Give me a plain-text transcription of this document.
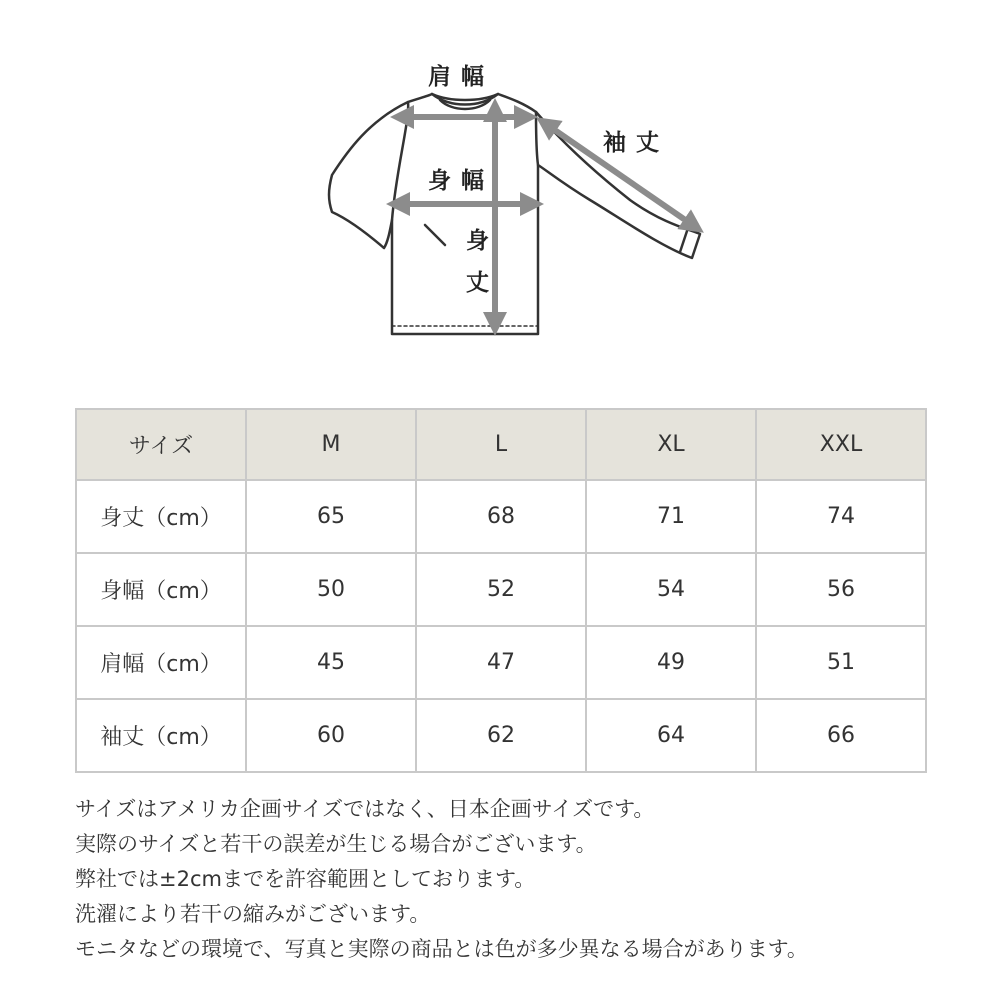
肩幅
袖丈
身幅
身
丈
サイズ	M	L	XL	XXL
身丈（cm）	65	68	71	74
身幅（cm）	50	52	54	56
肩幅（cm）	45	47	49	51
袖丈（cm）	60	62	64	66
サイズはアメリカ企画サイズではなく、日本企画サイズです。
実際のサイズと若干の誤差が生じる場合がございます。
弊社では±2cmまでを許容範囲としております。
洗濯により若干の縮みがございます。
モニタなどの環境で、写真と実際の商品とは色が多少異なる場合があります。
